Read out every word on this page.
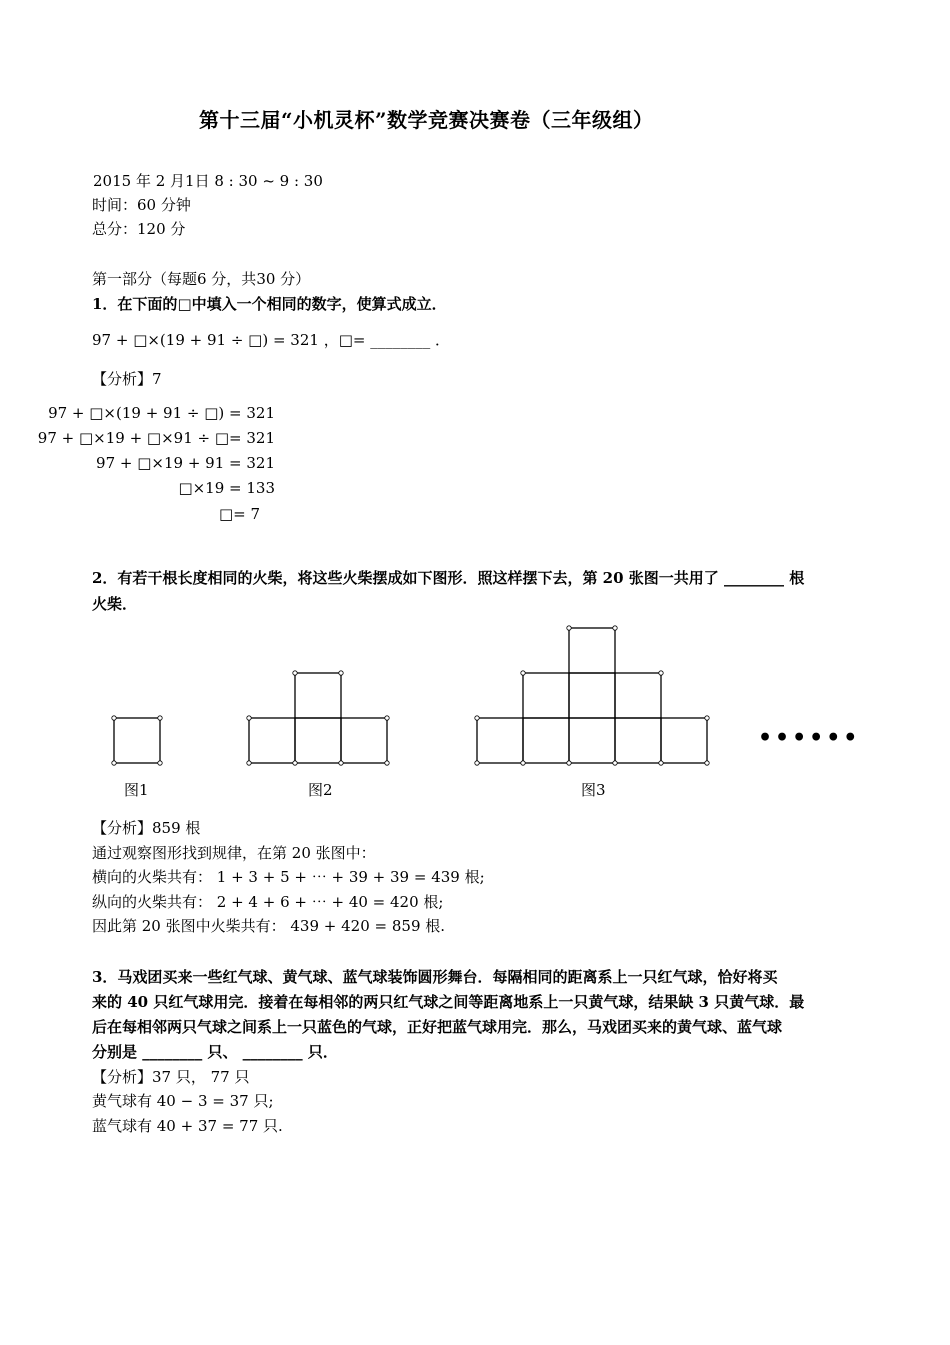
第十三届“小机灵杯”数学竞赛决赛卷（三年级组）
2015 年 2 月1日 8 : 30 ~ 9 : 30
时间：60 分钟
总分：120 分
第一部分（每题6 分，共30 分）
1．在下面的□中填入一个相同的数字，使算式成立．
97 + □×(19 + 91 ÷ □) = 321 ，□= ________ ．
【分析】7
97 + □×(19 + 91 ÷ □) = 321
97 + □×19 + □×91 ÷ □= 321
97 + □×19 + 91 = 321
□×19 = 133
□= 7
2．有若干根长度相同的火柴，将这些火柴摆成如下图形．照这样摆下去，第 20 张图一共用了 ________ 根
火柴．
••••••
图1	图2	图3
【分析】859 根
通过观察图形找到规律，在第 20 张图中：
横向的火柴共有： 1 + 3 + 5 + ⋯ + 39 + 39 = 439 根;
纵向的火柴共有： 2 + 4 + 6 + ⋯ + 40 = 420 根;
因此第 20 张图中火柴共有： 439 + 420 = 859 根.
3．马戏团买来一些红气球、黄气球、蓝气球装饰圆形舞台．每隔相同的距离系上一只红气球，恰好将买
来的 40 只红气球用完．接着在每相邻的两只红气球之间等距离地系上一只黄气球，结果缺 3 只黄气球．最
后在每相邻两只气球之间系上一只蓝色的气球，正好把蓝气球用完．那么，马戏团买来的黄气球、蓝气球
分别是 ________ 只、 ________ 只．
【分析】37 只， 77 只
黄气球有 40 − 3 = 37 只;
蓝气球有 40 + 37 = 77 只.
